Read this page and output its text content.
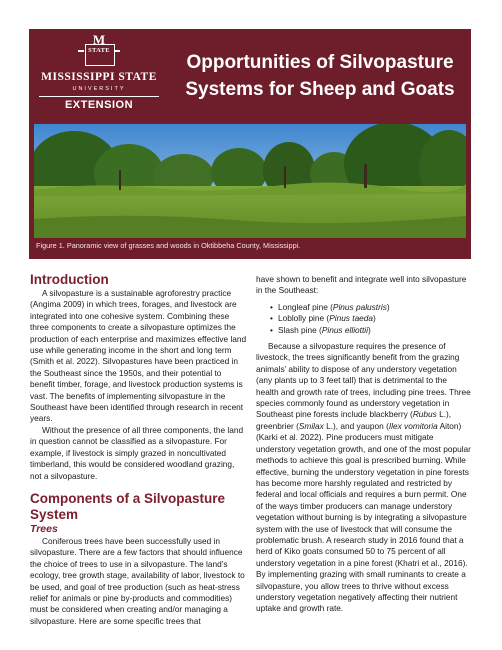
M
STATE
MISSISSIPPI STATE
UNIVERSITY
EXTENSION
Opportunities of Silvopasture
Systems for Sheep and Goats
Figure 1. Panoramic view of grasses and woods in Oktibbeha County, Mississippi.
Introduction

A silvopasture is a sustainable agroforestry practice (Angima 2009) in which trees, forages, and livestock are integrated into one cohesive system. Combining these three components to create a silvopasture optimizes the production of each enterprise and maximizes effective land use while generating income in the short and long term (Smith et al. 2022). Silvopastures have been practiced in the Southeast since the 1950s, and their potential to benefit timber, forage, and livestock production systems is vast. The benefits of implementing silvopasture in the Southeast have been identified through research in recent years.

Without the presence of all three components, the land in question cannot be classified as a silvopasture. For example, if livestock is simply grazed in noncultivated timberland, this would be considered woodland grazing, not a silvopasture.

Components of a Silvopasture System
Trees

Coniferous trees have been successfully used in silvopasture. There are a few factors that should influence the choice of trees to use in a silvopasture. The land’s ecology, tree growth stage, availability of labor, livestock to be used, and goal of tree production (such as heat-stress relief for animals or pine by-products and commodities) must be considered when creating and/or managing a silvopasture. Here are some specific trees that

have shown to benefit and integrate well into silvopasture in the Southeast:

• Longleaf pine (Pinus palustris)
• Loblolly pine (Pinus taeda)
• Slash pine (Pinus elliottii)

Because a silvopasture requires the presence of livestock, the trees significantly benefit from the grazing animals’ ability to dispose of any understory vegetation (any plants up to 3 feet tall) that is detrimental to the health and growth rate of trees, including pine trees. Three species commonly found as understory vegetation in Southeast pine forests include blackberry (Rubus L.), greenbrier (Smilax L.), and yaupon (Ilex vomitoria Aiton) (Karki et al. 2022). Pine producers must mitigate understory vegetation growth, and one of the most popular methods to achieve this goal is prescribed burning. While effective, burning the understory vegetation in pine forests has become more harshly regulated and restricted by federal and local officials and requires a burn permit. One of the ways timber producers can manage understory vegetation without burning is by integrating a silvopasture system with the use of livestock that will consume the problematic brush. A research study in 2016 found that a herd of Kiko goats consumed 50 to 75 percent of all understory vegetation in a pine forest (Khatri et al., 2016). By implementing grazing with small ruminants to create a silvopasture, you allow trees to thrive without excess understory vegetation negatively affecting their nutrient uptake and growth rate.
